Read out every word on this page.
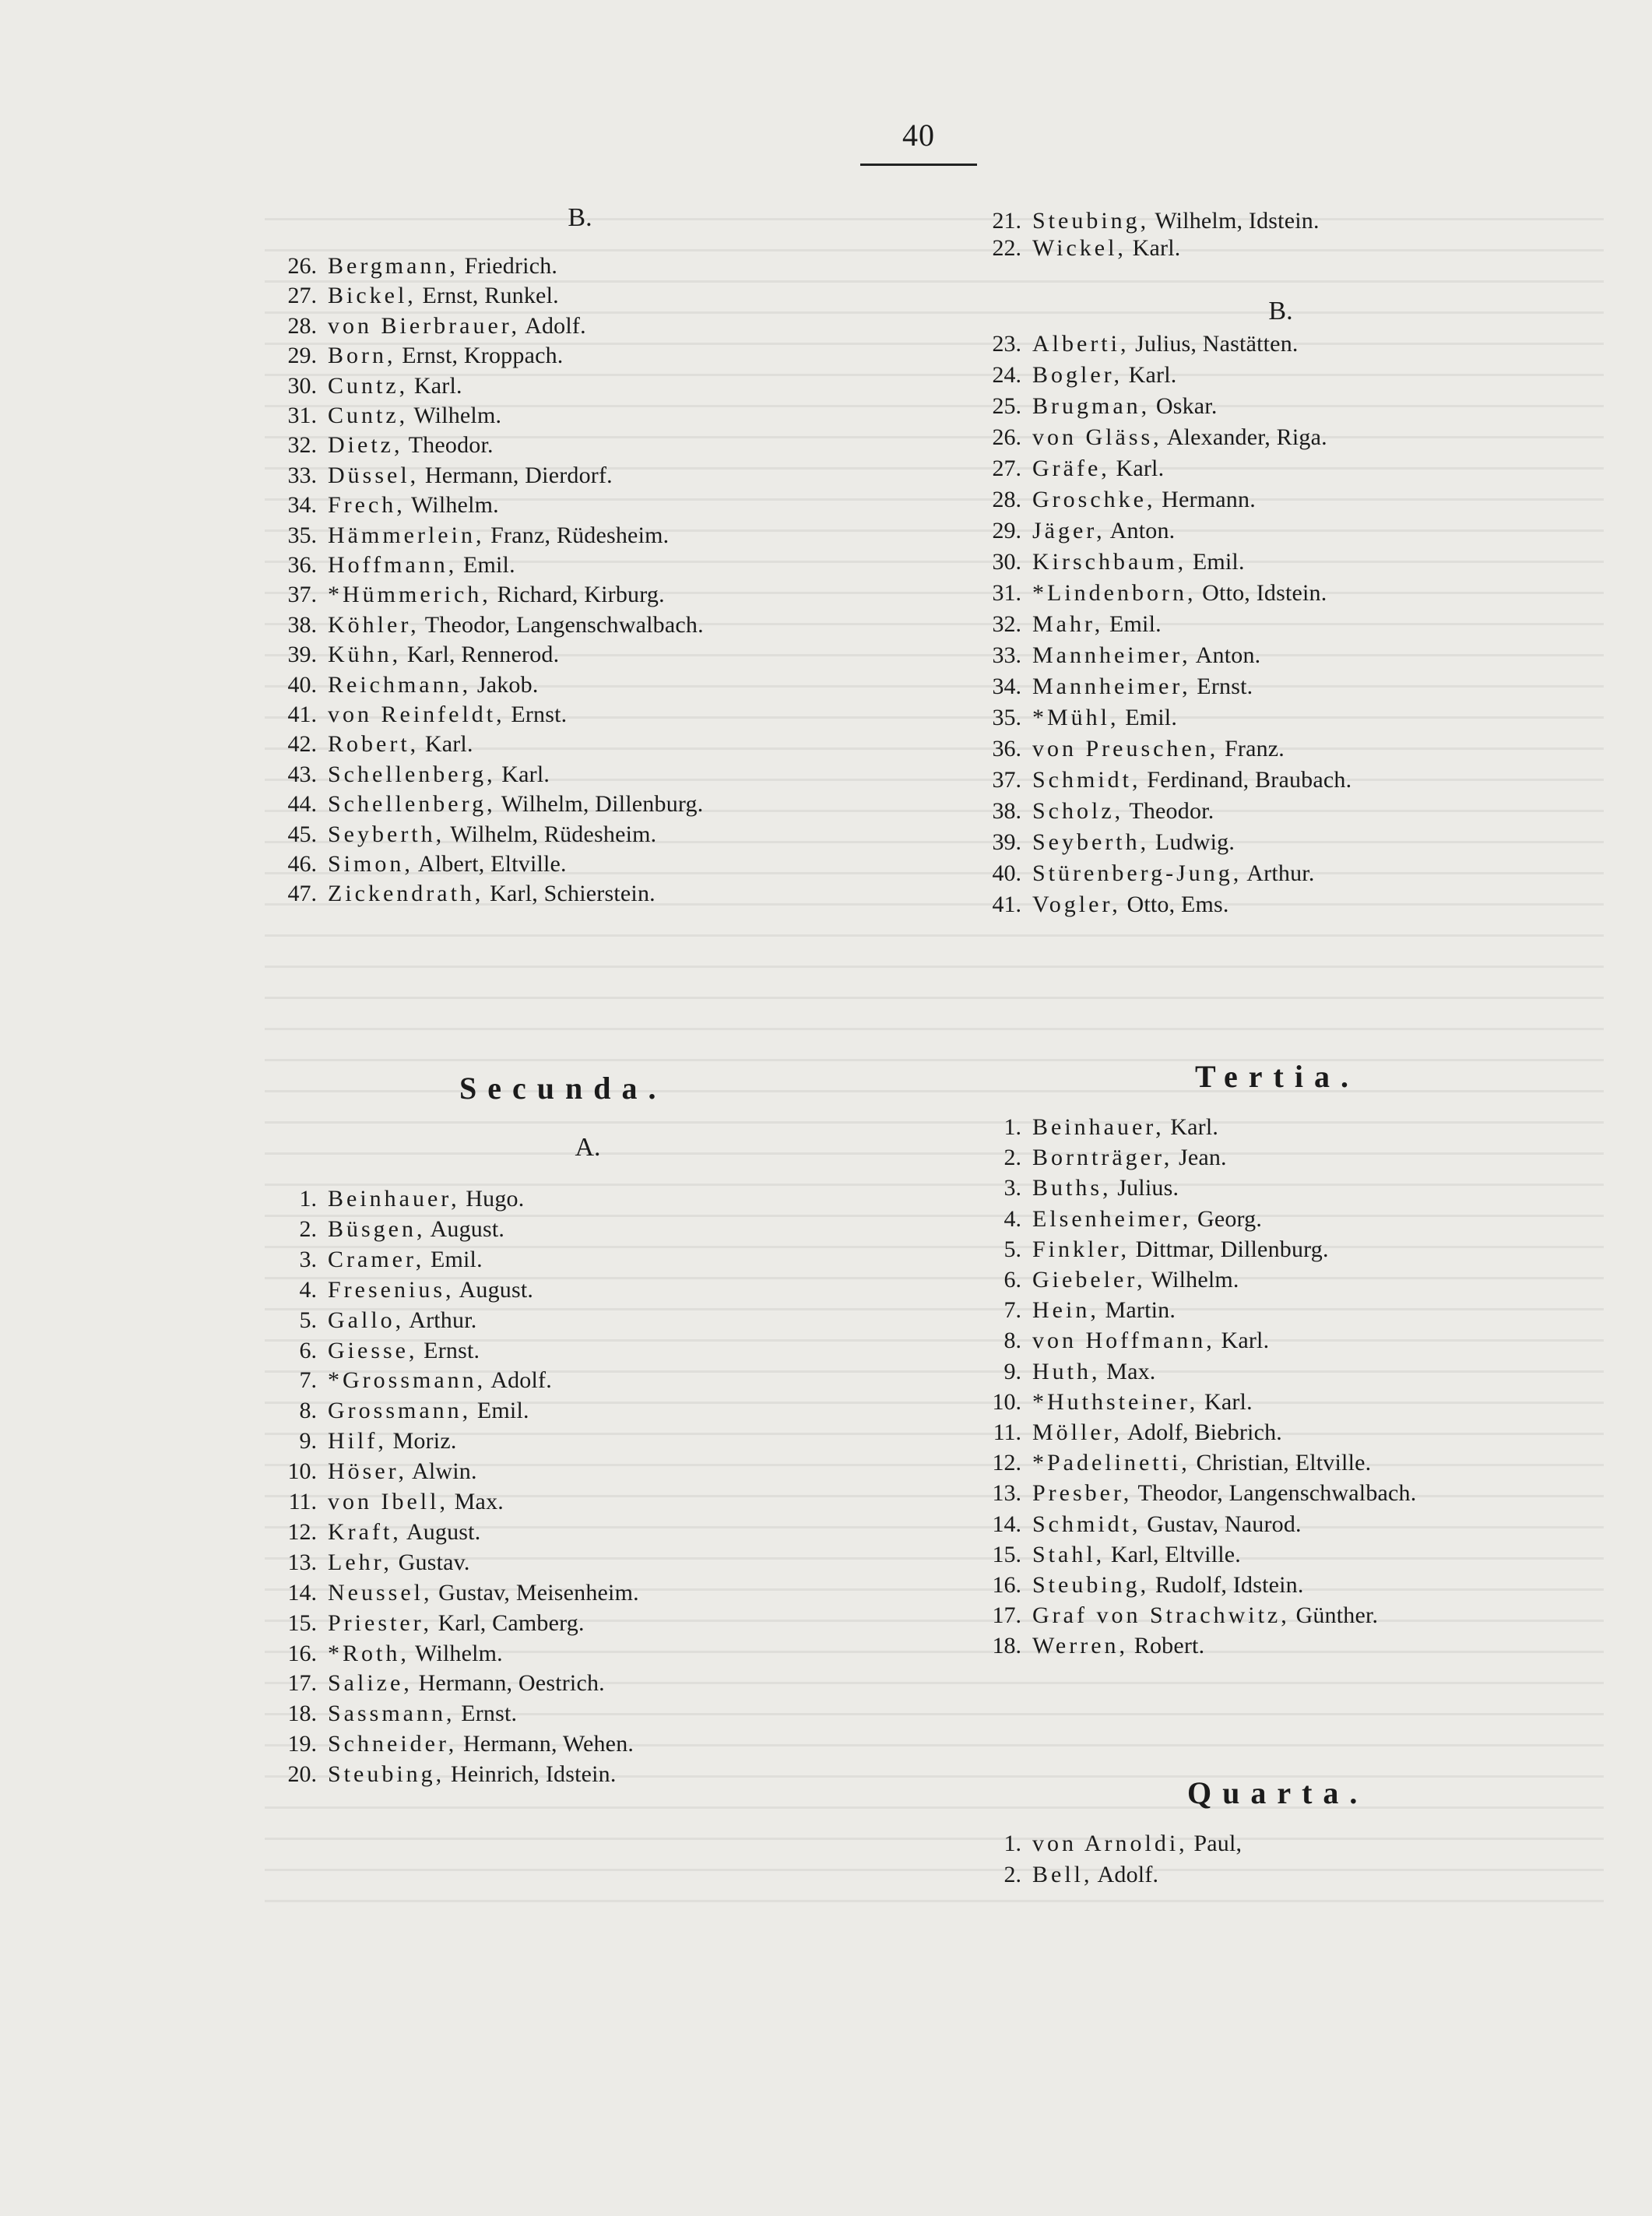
40
B.
Secunda.
A.
26. Bergmann, Friedrich.
27. Bickel, Ernst, Runkel.
28. von Bierbrauer, Adolf.
29. Born, Ernst, Kroppach.
30. Cuntz, Karl.
31. Cuntz, Wilhelm.
32. Dietz, Theodor.
33. Düssel, Hermann, Dierdorf.
34. Frech, Wilhelm.
35. Hämmerlein, Franz, Rüdesheim.
36. Hoffmann, Emil.
37. *Hümmerich, Richard, Kirburg.
38. Köhler, Theodor, Langenschwalbach.
39. Kühn, Karl, Rennerod.
40. Reichmann, Jakob.
41. von Reinfeldt, Ernst.
42. Robert, Karl.
43. Schellenberg, Karl.
44. Schellenberg, Wilhelm, Dillenburg.
45. Seyberth, Wilhelm, Rüdesheim.
46. Simon, Albert, Eltville.
47. Zickendrath, Karl, Schierstein.
1. Beinhauer, Hugo.
2. Büsgen, August.
3. Cramer, Emil.
4. Fresenius, August.
5. Gallo, Arthur.
6. Giesse, Ernst.
7. *Grossmann, Adolf.
8. Grossmann, Emil.
9. Hilf, Moriz.
10. Höser, Alwin.
11. von Ibell, Max.
12. Kraft, August.
13. Lehr, Gustav.
14. Neussel, Gustav, Meisenheim.
15. Priester, Karl, Camberg.
16. *Roth, Wilhelm.
17. Salize, Hermann, Oestrich.
18. Sassmann, Ernst.
19. Schneider, Hermann, Wehen.
20. Steubing, Heinrich, Idstein.
B.
Tertia.
Quarta.
21. Steubing, Wilhelm, Idstein.
22. Wickel, Karl.
23. Alberti, Julius, Nastätten.
24. Bogler, Karl.
25. Brugman, Oskar.
26. von Gläss, Alexander, Riga.
27. Gräfe, Karl.
28. Groschke, Hermann.
29. Jäger, Anton.
30. Kirschbaum, Emil.
31. *Lindenborn, Otto, Idstein.
32. Mahr, Emil.
33. Mannheimer, Anton.
34. Mannheimer, Ernst.
35. *Mühl, Emil.
36. von Preuschen, Franz.
37. Schmidt, Ferdinand, Braubach.
38. Scholz, Theodor.
39. Seyberth, Ludwig.
40. Stürenberg-Jung, Arthur.
41. Vogler, Otto, Ems.
1. Beinhauer, Karl.
2. Bornträger, Jean.
3. Buths, Julius.
4. Elsenheimer, Georg.
5. Finkler, Dittmar, Dillenburg.
6. Giebeler, Wilhelm.
7. Hein, Martin.
8. von Hoffmann, Karl.
9. Huth, Max.
10. *Huthsteiner, Karl.
11. Möller, Adolf, Biebrich.
12. *Padelinetti, Christian, Eltville.
13. Presber, Theodor, Langenschwalbach.
14. Schmidt, Gustav, Naurod.
15. Stahl, Karl, Eltville.
16. Steubing, Rudolf, Idstein.
17. Graf von Strachwitz, Günther.
18. Werren, Robert.
1. von Arnoldi, Paul,
2. Bell, Adolf.
